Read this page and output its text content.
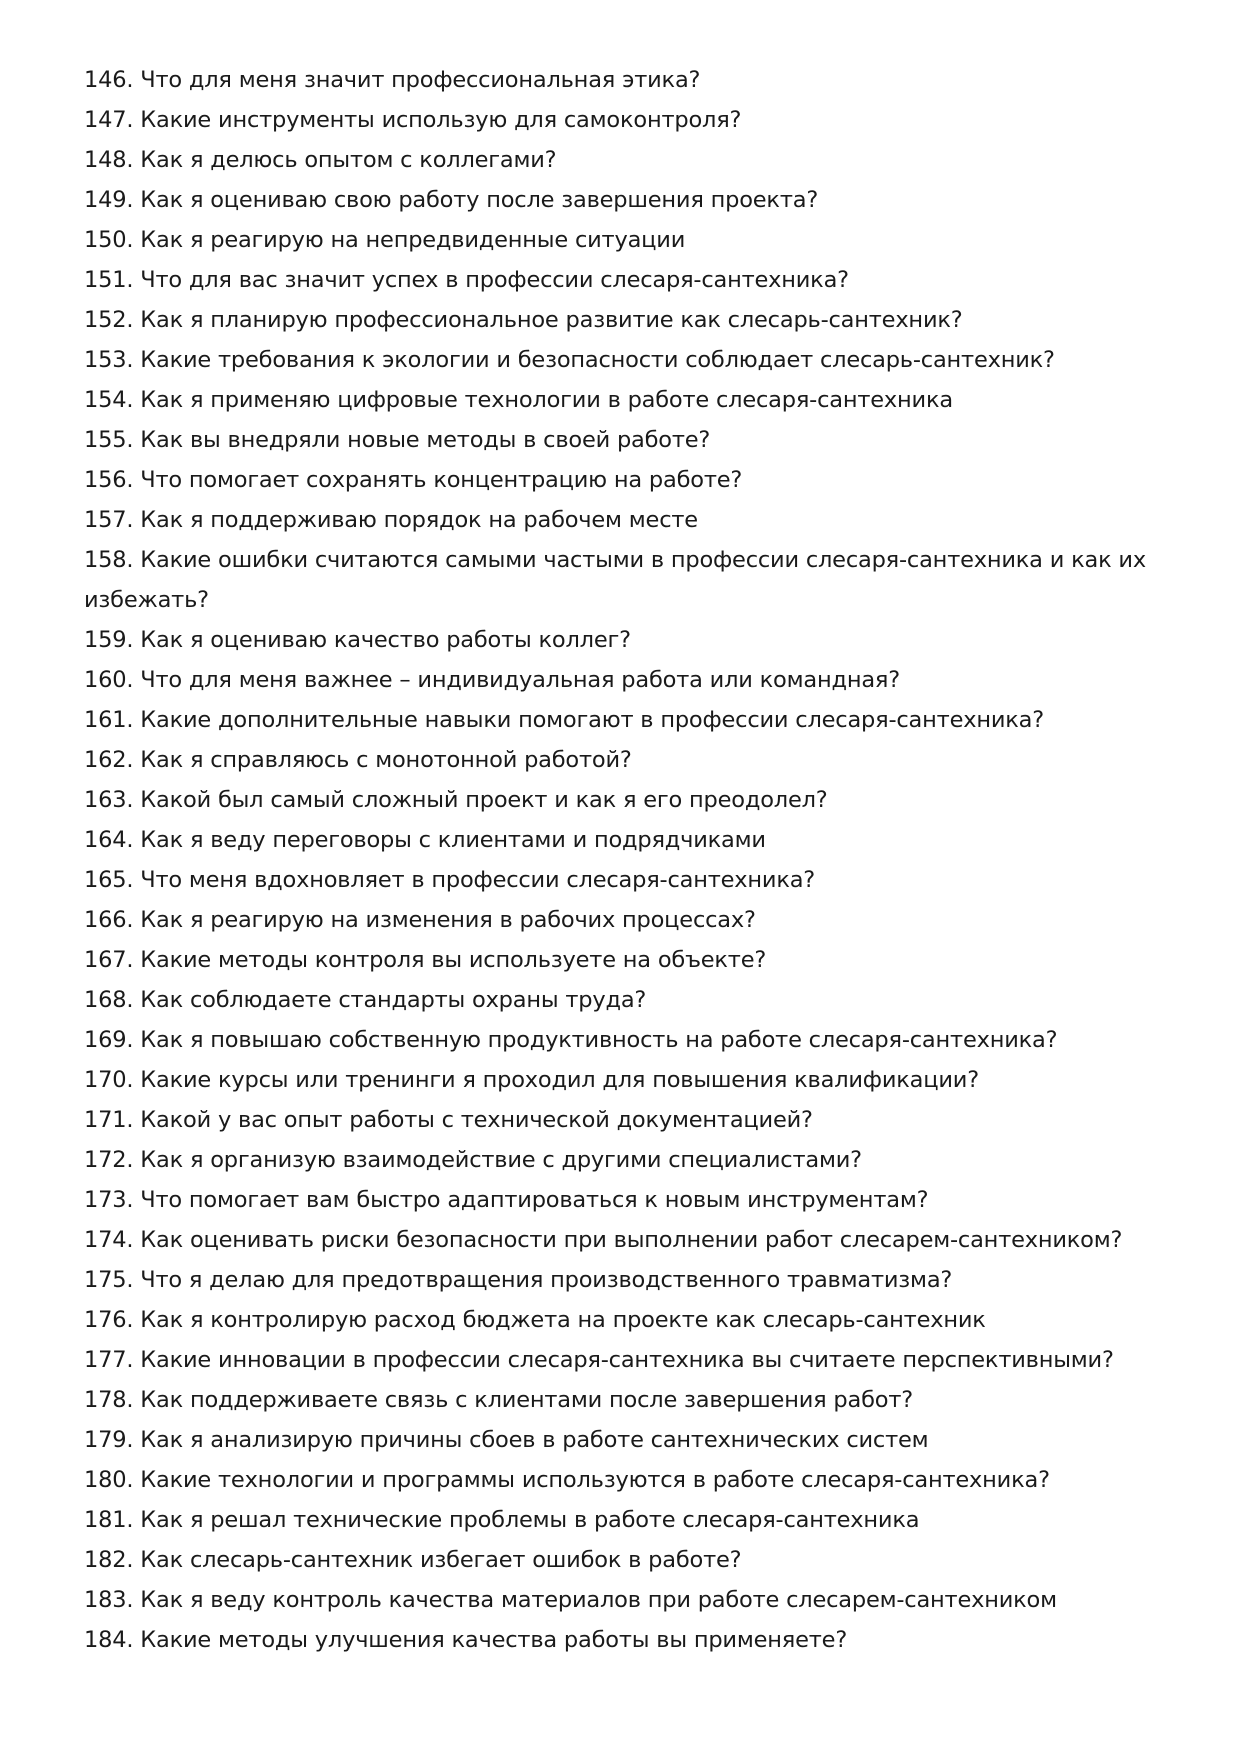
146. Что для меня значит профессиональная этика?

147. Какие инструменты использую для самоконтроля?

148. Как я делюсь опытом с коллегами?

149. Как я оцениваю свою работу после завершения проекта?

150. Как я реагирую на непредвиденные ситуации

151. Что для вас значит успех в профессии слесаря-сантехника?

152. Как я планирую профессиональное развитие как слесарь-сантехник?

153. Какие требования к экологии и безопасности соблюдает слесарь-сантехник?

154. Как я применяю цифровые технологии в работе слесаря-сантехника

155. Как вы внедряли новые методы в своей работе?

156. Что помогает сохранять концентрацию на работе?

157. Как я поддерживаю порядок на рабочем месте

158. Какие ошибки считаются самыми частыми в профессии слесаря-сантехника и как их избежать?

159. Как я оцениваю качество работы коллег?

160. Что для меня важнее – индивидуальная работа или командная?

161. Какие дополнительные навыки помогают в профессии слесаря-сантехника?

162. Как я справляюсь с монотонной работой?

163. Какой был самый сложный проект и как я его преодолел?

164. Как я веду переговоры с клиентами и подрядчиками

165. Что меня вдохновляет в профессии слесаря-сантехника?

166. Как я реагирую на изменения в рабочих процессах?

167. Какие методы контроля вы используете на объекте?

168. Как соблюдаете стандарты охраны труда?

169. Как я повышаю собственную продуктивность на работе слесаря-сантехника?

170. Какие курсы или тренинги я проходил для повышения квалификации?

171. Какой у вас опыт работы с технической документацией?

172. Как я организую взаимодействие с другими специалистами?

173. Что помогает вам быстро адаптироваться к новым инструментам?

174. Как оценивать риски безопасности при выполнении работ слесарем-сантехником?

175. Что я делаю для предотвращения производственного травматизма?

176. Как я контролирую расход бюджета на проекте как слесарь-сантехник

177. Какие инновации в профессии слесаря-сантехника вы считаете перспективными?

178. Как поддерживаете связь с клиентами после завершения работ?

179. Как я анализирую причины сбоев в работе сантехнических систем

180. Какие технологии и программы используются в работе слесаря-сантехника?

181. Как я решал технические проблемы в работе слесаря-сантехника

182. Как слесарь-сантехник избегает ошибок в работе?

183. Как я веду контроль качества материалов при работе слесарем-сантехником

184. Какие методы улучшения качества работы вы применяете?
